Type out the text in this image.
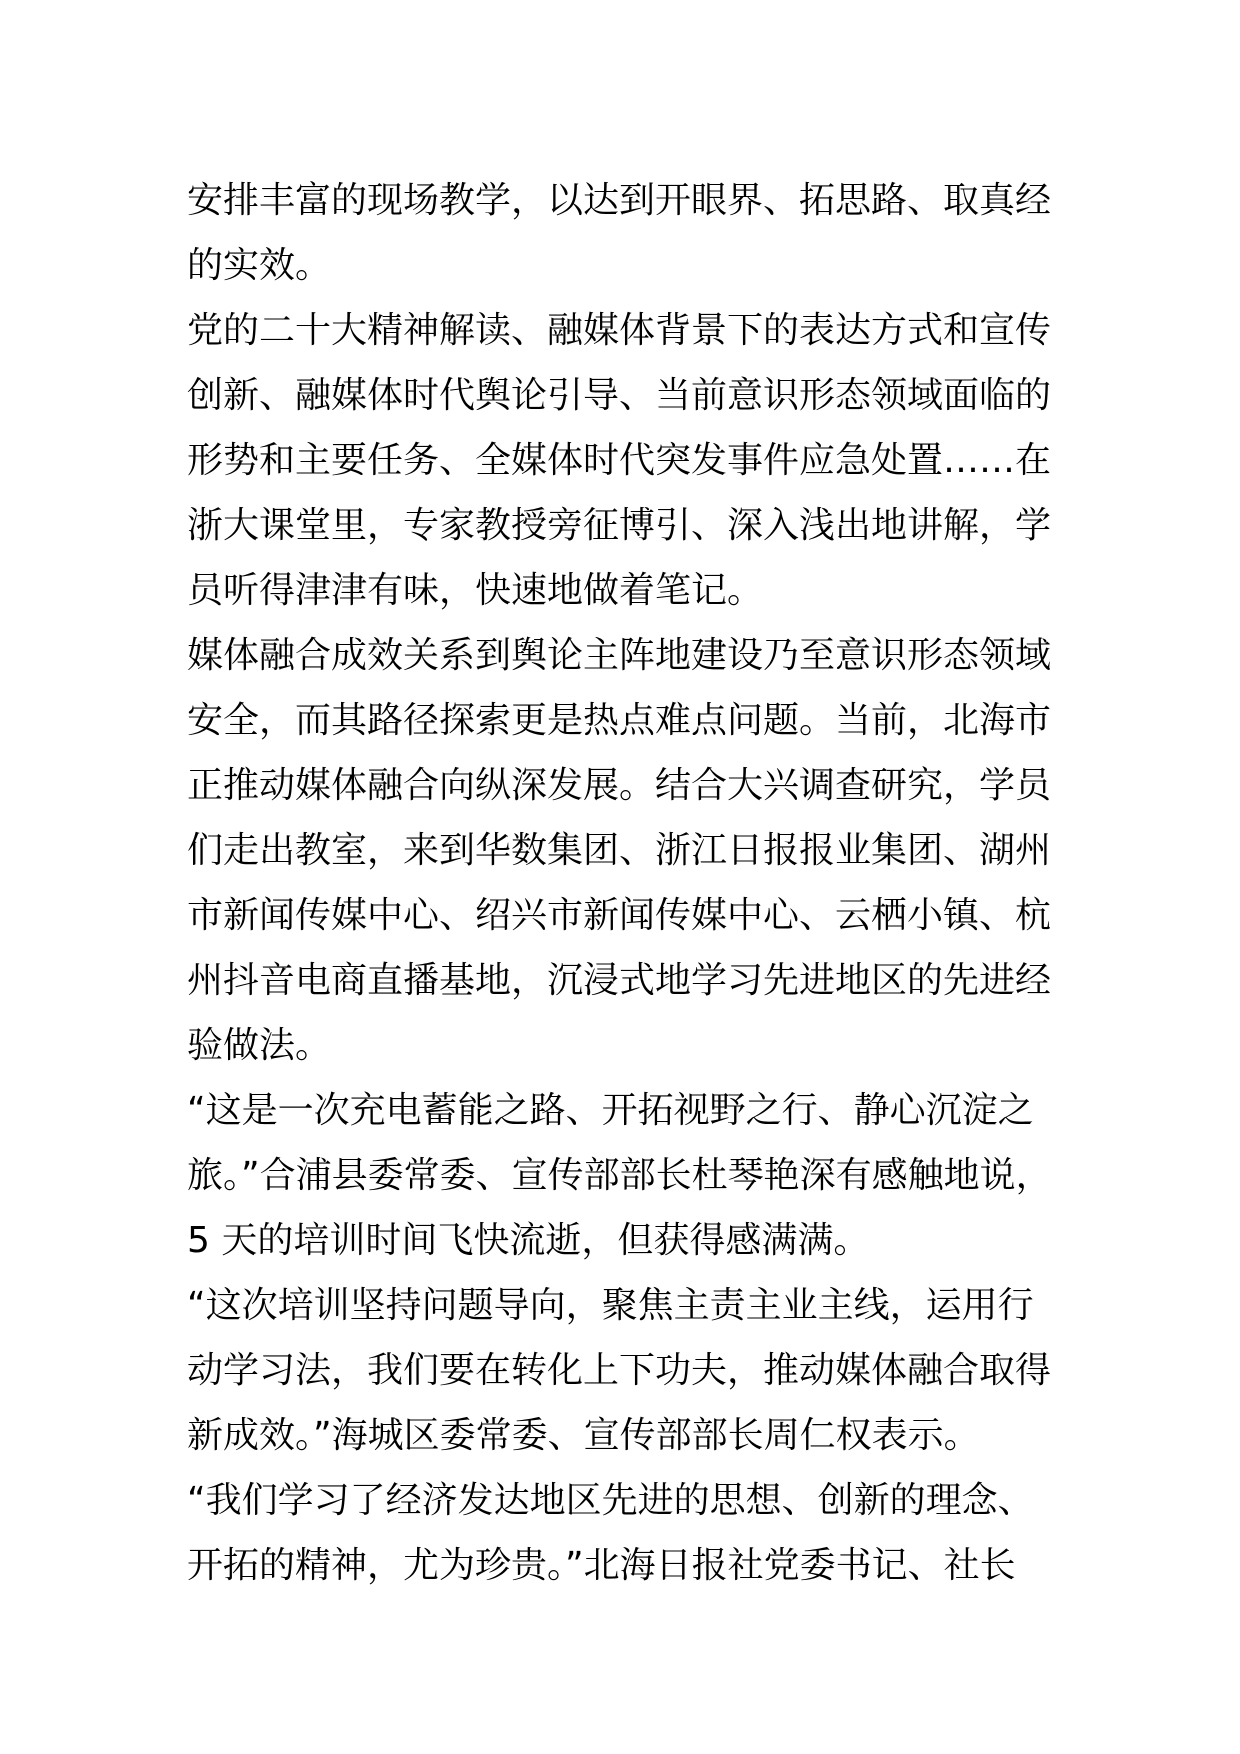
安排丰富的现场教学，以达到开眼界、拓思路、取真经
的实效。

党的二十大精神解读、融媒体背景下的表达方式和宣传
创新、融媒体时代舆论引导、当前意识形态领域面临的
形势和主要任务、全媒体时代突发事件应急处置……在
浙大课堂里，专家教授旁征博引、深入浅出地讲解，学
员听得津津有味，快速地做着笔记。

媒体融合成效关系到舆论主阵地建设乃至意识形态领域
安全，而其路径探索更是热点难点问题。当前，北海市
正推动媒体融合向纵深发展。结合大兴调查研究，学员
们走出教室，来到华数集团、浙江日报报业集团、湖州
市新闻传媒中心、绍兴市新闻传媒中心、云栖小镇、杭
州抖音电商直播基地，沉浸式地学习先进地区的先进经
验做法。

“这是一次充电蓄能之路、开拓视野之行、静心沉淀之
旅。”合浦县委常委、宣传部部长杜琴艳深有感触地说，
5 天的培训时间飞快流逝，但获得感满满。

“这次培训坚持问题导向，聚焦主责主业主线，运用行
动学习法，我们要在转化上下功夫，推动媒体融合取得
新成效。”海城区委常委、宣传部部长周仁权表示。

“我们学习了经济发达地区先进的思想、创新的理念、
开拓的精神，尤为珍贵。”北海日报社党委书记、社长
